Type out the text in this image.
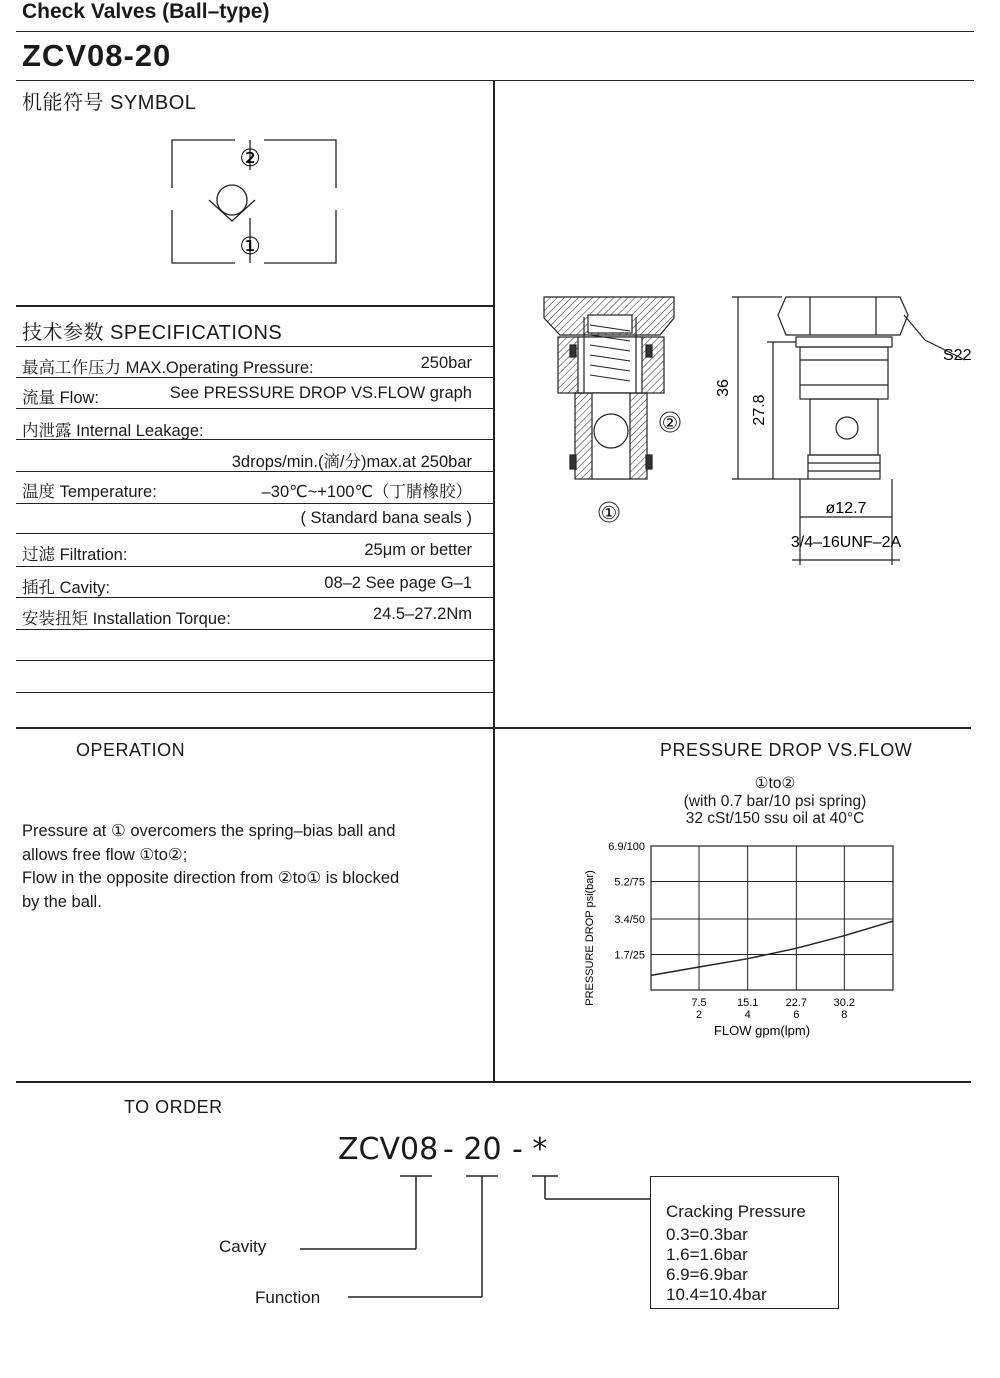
Check Valves (Ball–type)
ZCV08-20
机能符号 SYMBOL
②
①
技术参数 SPECIFICATIONS
最高工作压力 MAX.Operating Pressure:	250bar
流量 Flow:	See PRESSURE DROP VS.FLOW graph
内泄露 Internal Leakage:
3drops/min.(滴/分)max.at 250bar
温度 Temperature:	–30℃~+100℃（丁腈橡胶）
( Standard bana seals )
过滤 Filtration:	25μm or better
插孔 Cavity:	08–2 See page G–1
安装扭矩 Installation Torque:	24.5–27.2Nm
②
①
36
27.8
ø12.7
3/4–16UNF–2A
S22
OPERATION
Pressure at ① overcomers the spring–bias ball and
allows free flow ①to②;
Flow in the opposite direction from ②to① is blocked
by the ball.
PRESSURE DROP VS.FLOW
①to②
(with 0.7 bar/10 psi spring)
32 cSt/150 ssu oil at 40°C
1.7/25
3.4/50
5.2/75
6.9/100
7.5
2
15.1
4
22.7
6
30.2
8
PRESSURE DROP psi(bar)
FLOW gpm(lpm)
TO ORDER
ZCV08 - 20 - *
Cavity
Function
Cracking Pressure
0.3=0.3bar
1.6=1.6bar
6.9=6.9bar
10.4=10.4bar
